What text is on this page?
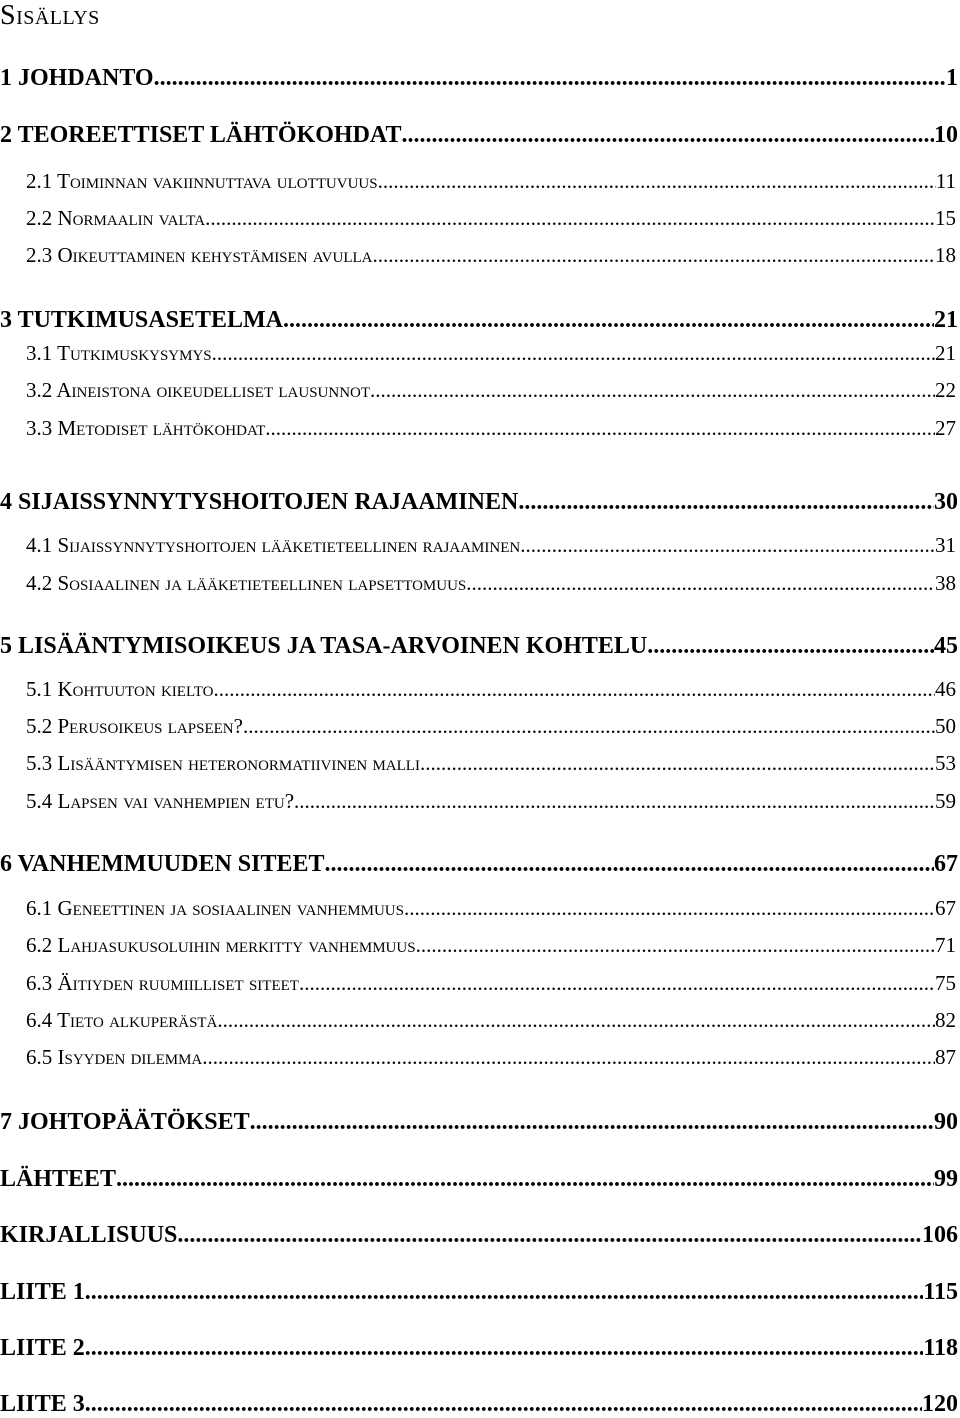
Sisällys
1 JOHDANTO .....	1
2 TEOREETTISET LÄHTÖKOHDAT .....	10
2.1 Toiminnan vakiinnuttava ulottuvuus .....	11
2.2 Normaalin valta .....	15
2.3 Oikeuttaminen kehystämisen avulla .....	18
3 TUTKIMUSASETELMA .....	21
3.1 Tutkimuskysymys .....	21
3.2 Aineistona oikeudelliset lausunnot .....	22
3.3 Metodiset lähtökohdat .....	27
4 SIJAISSYNNYTYSHOITOJEN RAJAAMINEN .....	30
4.1 Sijaissynnytyshoitojen lääketieteellinen rajaaminen .....	31
4.2 Sosiaalinen ja lääketieteellinen lapsettomuus .....	38
5 LISÄÄNTYMISOIKEUS JA TASA-ARVOINEN KOHTELU .....	45
5.1 Kohtuuton kielto .....	46
5.2 Perusoikeus lapseen? .....	50
5.3 Lisääntymisen heteronormatiivinen malli .....	53
5.4 Lapsen vai vanhempien etu? .....	59
6 VANHEMMUUDEN SITEET .....	67
6.1 Geneettinen ja sosiaalinen vanhemmuus .....	67
6.2 Lahjasukusoluihin merkitty vanhemmuus .....	71
6.3 Äitiyden ruumiilliset siteet .....	75
6.4 Tieto alkuperästä .....	82
6.5 Isyyden dilemma .....	87
7 JOHTOPÄÄTÖKSET .....	90
LÄHTEET .....	99
KIRJALLISUUS .....	106
LIITE 1 .....	115
LIITE 2 .....	118
LIITE 3 .....	120
